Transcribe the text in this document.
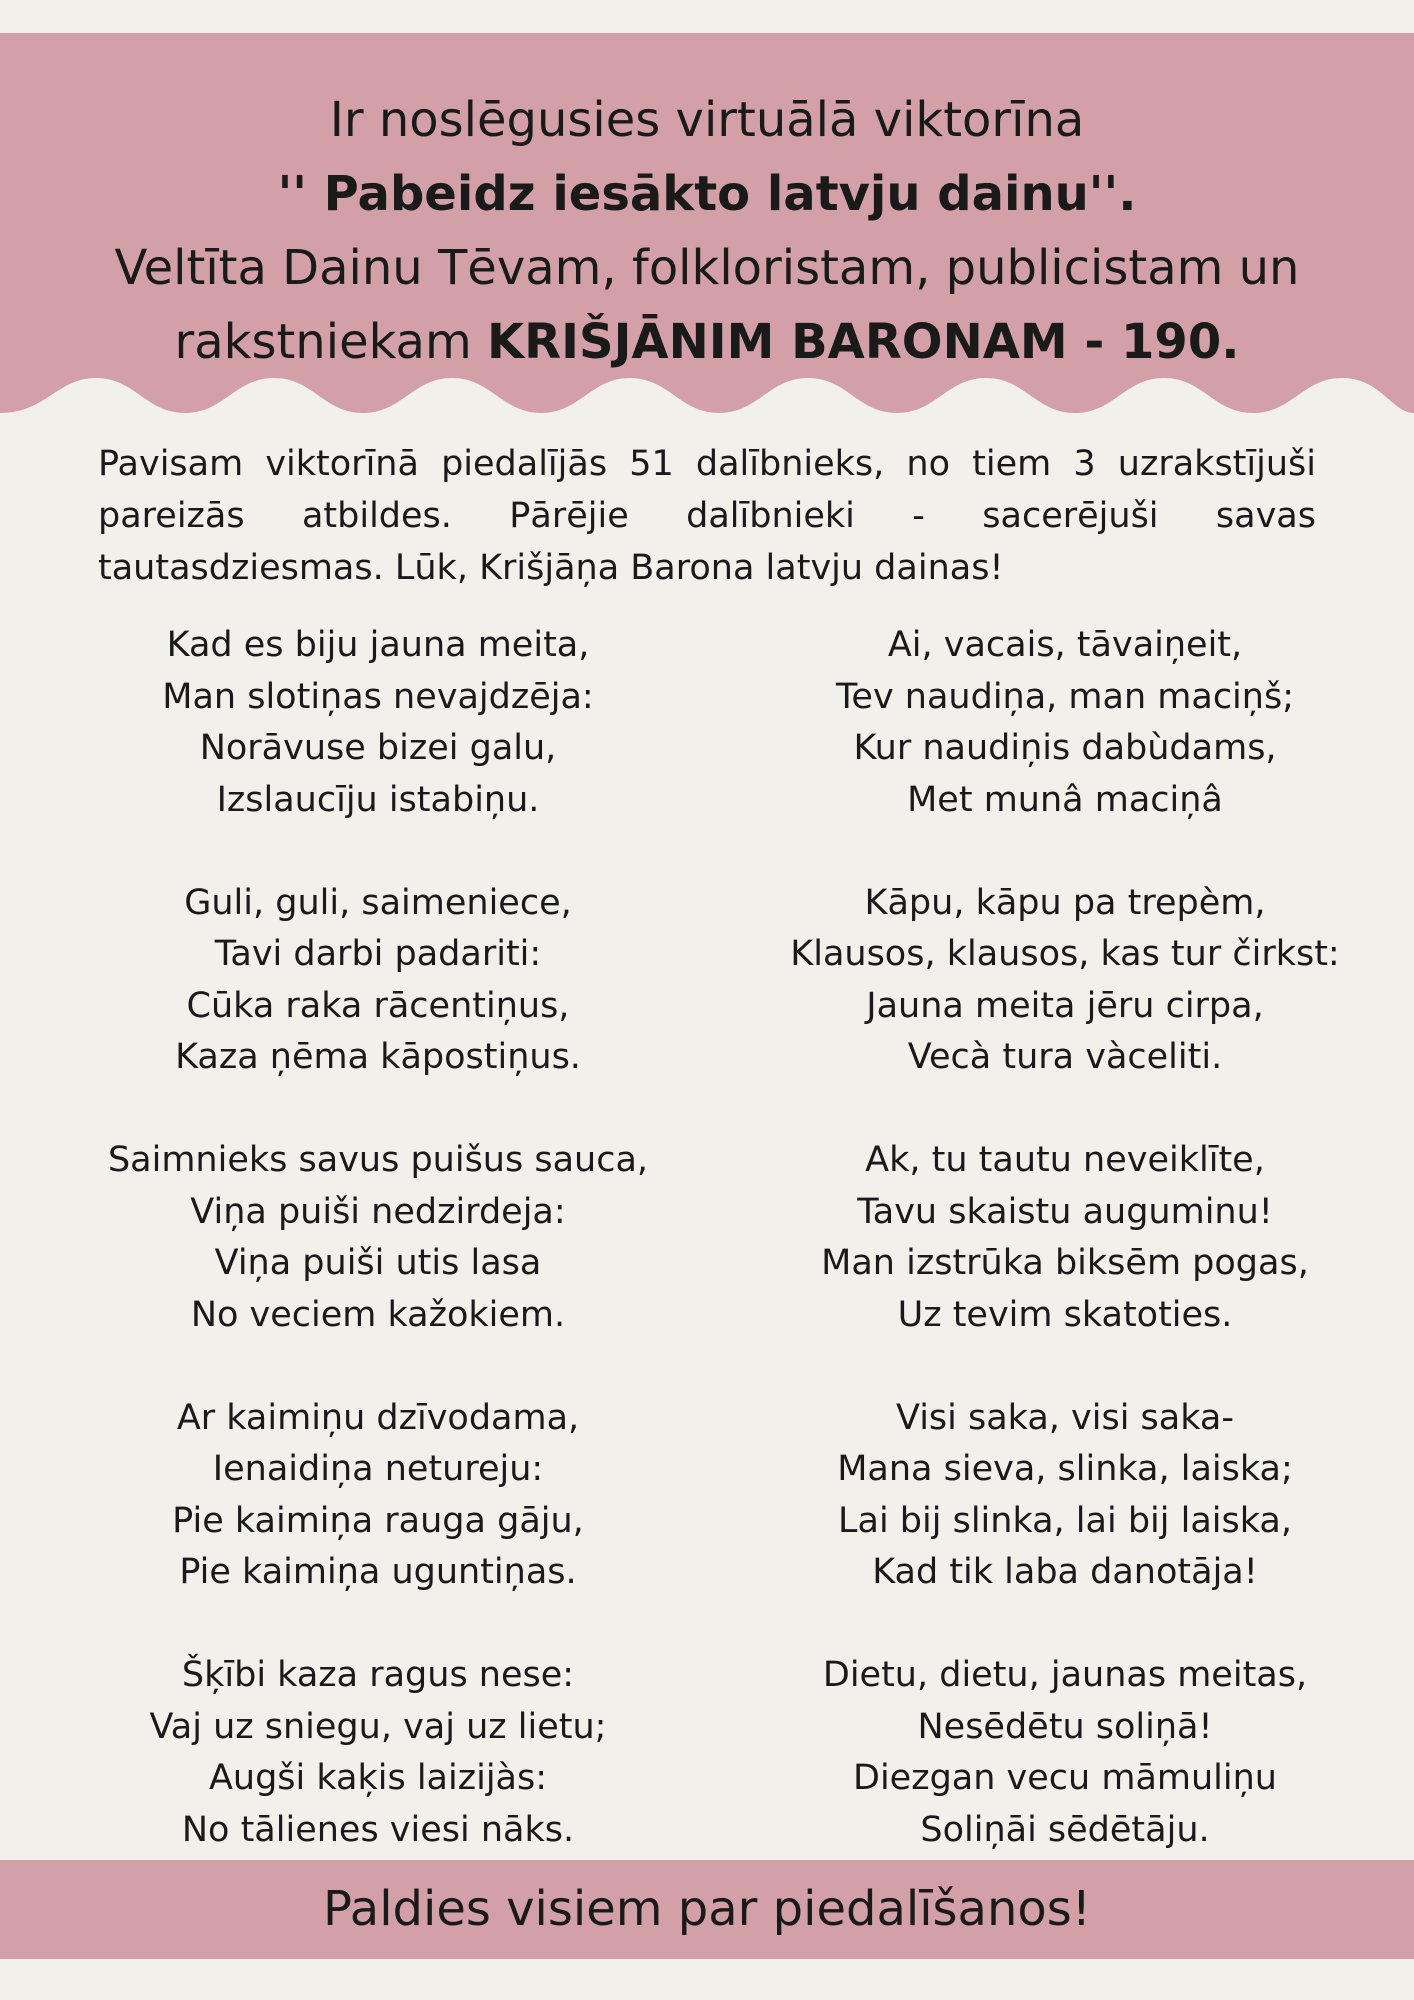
Ir noslēgusies virtuālā viktorīna
'' Pabeidz iesākto latvju dainu''.
Veltīta Dainu Tēvam, folkloristam, publicistam un
rakstniekam KRIŠJĀNIM BARONAM - 190.
Pavisam viktorīnā piedalījās 51 dalībnieks, no tiem 3 uzrakstījuši pareizās atbildes. Pārējie dalībnieki - sacerējuši savas tautasdziesmas. Lūk, Krišjāņa Barona latvju dainas!
Kad es biju jauna meita,
Man slotiņas nevajdzēja:
Norāvuse bizei galu,
Izslaucīju istabiņu.
Guli, guli, saimeniece,
Tavi darbi padariti:
Cūka raka rācentiņus,
Kaza ņēma kāpostiņus.
Saimnieks savus puišus sauca,
Viņa puiši nedzirdeja:
Viņa puiši utis lasa
No veciem kažokiem.
Ar kaimiņu dzīvodama,
Ienaidiņa netureju:
Pie kaimiņa rauga gāju,
Pie kaimiņa uguntiņas.
Šķībi kaza ragus nese:
Vaj uz sniegu, vaj uz lietu;
Augši kaķis laizijàs:
No tālienes viesi nāks.
Ai, vacais, tāvaiņeit,
Tev naudiņa, man maciņš;
Kur naudiņis dabùdams,
Met munâ maciņâ
Kāpu, kāpu pa trepèm,
Klausos, klausos, kas tur čirkst:
Jauna meita jēru cirpa,
Vecà tura vàceliti.
Ak, tu tautu neveiklīte,
Tavu skaistu auguminu!
Man izstrūka biksēm pogas,
Uz tevim skatoties.
Visi saka, visi saka-
Mana sieva, slinka, laiska;
Lai bij slinka, lai bij laiska,
Kad tik laba danotāja!
Dietu, dietu, jaunas meitas,
Nesēdētu soliņā!
Diezgan vecu māmuliņu
Soliņāi sēdētāju.
Paldies visiem par piedalīšanos!
